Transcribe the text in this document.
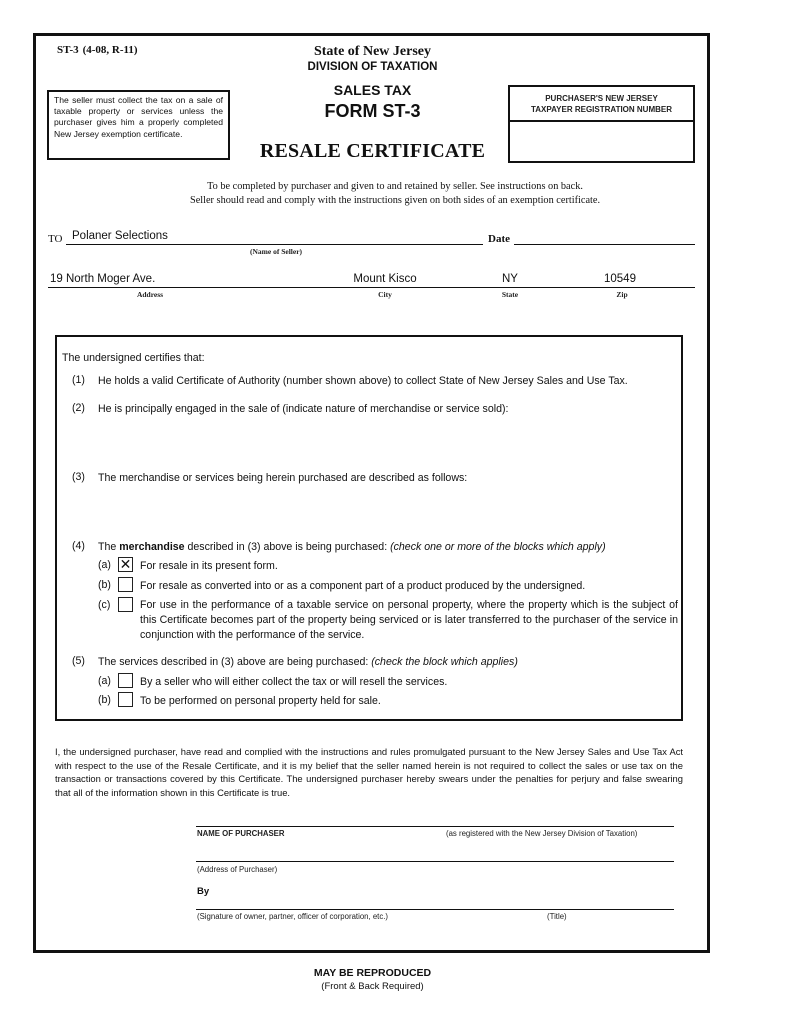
ST-3 (4-08, R-11)
The seller must collect the tax on a sale of taxable property or services unless the purchaser gives him a properly completed New Jersey exemption certificate.
State of New Jersey
DIVISION OF TAXATION
SALES TAX
FORM ST-3
RESALE CERTIFICATE
PURCHASER'S NEW JERSEY
TAXPAYER REGISTRATION NUMBER
To be completed by purchaser and given to and retained by seller. See instructions on back.
Seller should read and comply with the instructions given on both sides of an exemption certificate.
TO Polaner Selections
(Name of Seller)
Date
19 North Moger Ave.	Mount Kisco	NY	10549
Address	City	State	Zip
The undersigned certifies that:
(1) He holds a valid Certificate of Authority (number shown above) to collect State of New Jersey Sales and Use Tax.
(2) He is principally engaged in the sale of (indicate nature of merchandise or service sold):
(3) The merchandise or services being herein purchased are described as follows:
(4) The merchandise described in (3) above is being purchased: (check one or more of the blocks which apply)
(a) ✕ For resale in its present form.
(b)	For resale as converted into or as a component part of a product produced by the undersigned.
(c)	For use in the performance of a taxable service on personal property, where the property which is the subject of this Certificate becomes part of the property being serviced or is later transferred to the purchaser of the service in conjunction with the performance of the service.
(5) The services described in (3) above are being purchased: (check the block which applies)
(a)	By a seller who will either collect the tax or will resell the services.
(b)	To be performed on personal property held for sale.
I, the undersigned purchaser, have read and complied with the instructions and rules promulgated pursuant to the New Jersey Sales and Use Tax Act with respect to the use of the Resale Certificate, and it is my belief that the seller named herein is not required to collect the sales or use tax on the transaction or transactions covered by this Certificate. The undersigned purchaser hereby swears under the penalties for perjury and false swearing that all of the information shown in this Certificate is true.
NAME OF PURCHASER	(as registered with the New Jersey Division of Taxation)
(Address of Purchaser)
By
(Signature of owner, partner, officer of corporation, etc.)	(Title)
MAY BE REPRODUCED
(Front & Back Required)
